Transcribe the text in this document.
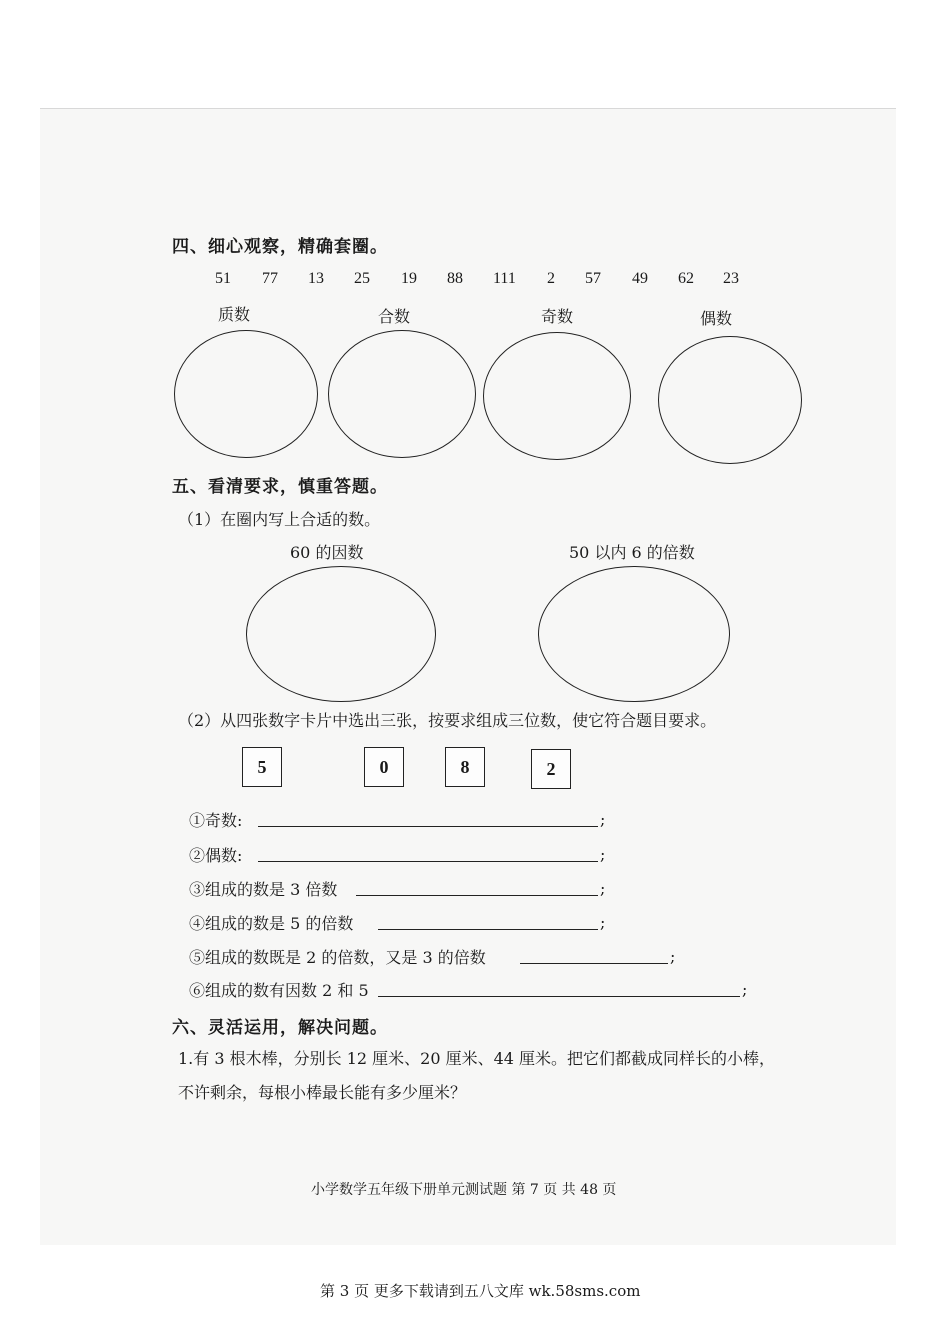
四、细心观察，精确套圈。
51 77 13 25 19 88 111 2 57 49 62 23
质数	合数	奇数	偶数
五、看清要求，慎重答题。
（1）在圈内写上合适的数。
60 的因数	50 以内 6 的倍数
（2）从四张数字卡片中选出三张，按要求组成三位数，使它符合题目要求。
5	0	8	2
①奇数:	;
②偶数:	;
③组成的数是 3 倍数	;
④组成的数是 5 的倍数	;
⑤组成的数既是 2 的倍数，又是 3 的倍数	;
⑥组成的数有因数 2 和 5	;
六、灵活运用，解决问题。
1.有 3 根木棒，分别长 12 厘米、20 厘米、44 厘米。把它们都截成同样长的小棒，
不许剩余，每根小棒最长能有多少厘米？
小学数学五年级下册单元测试题 第 7 页 共 48 页
第 3 页 更多下载请到五八文库 wk.58sms.com
